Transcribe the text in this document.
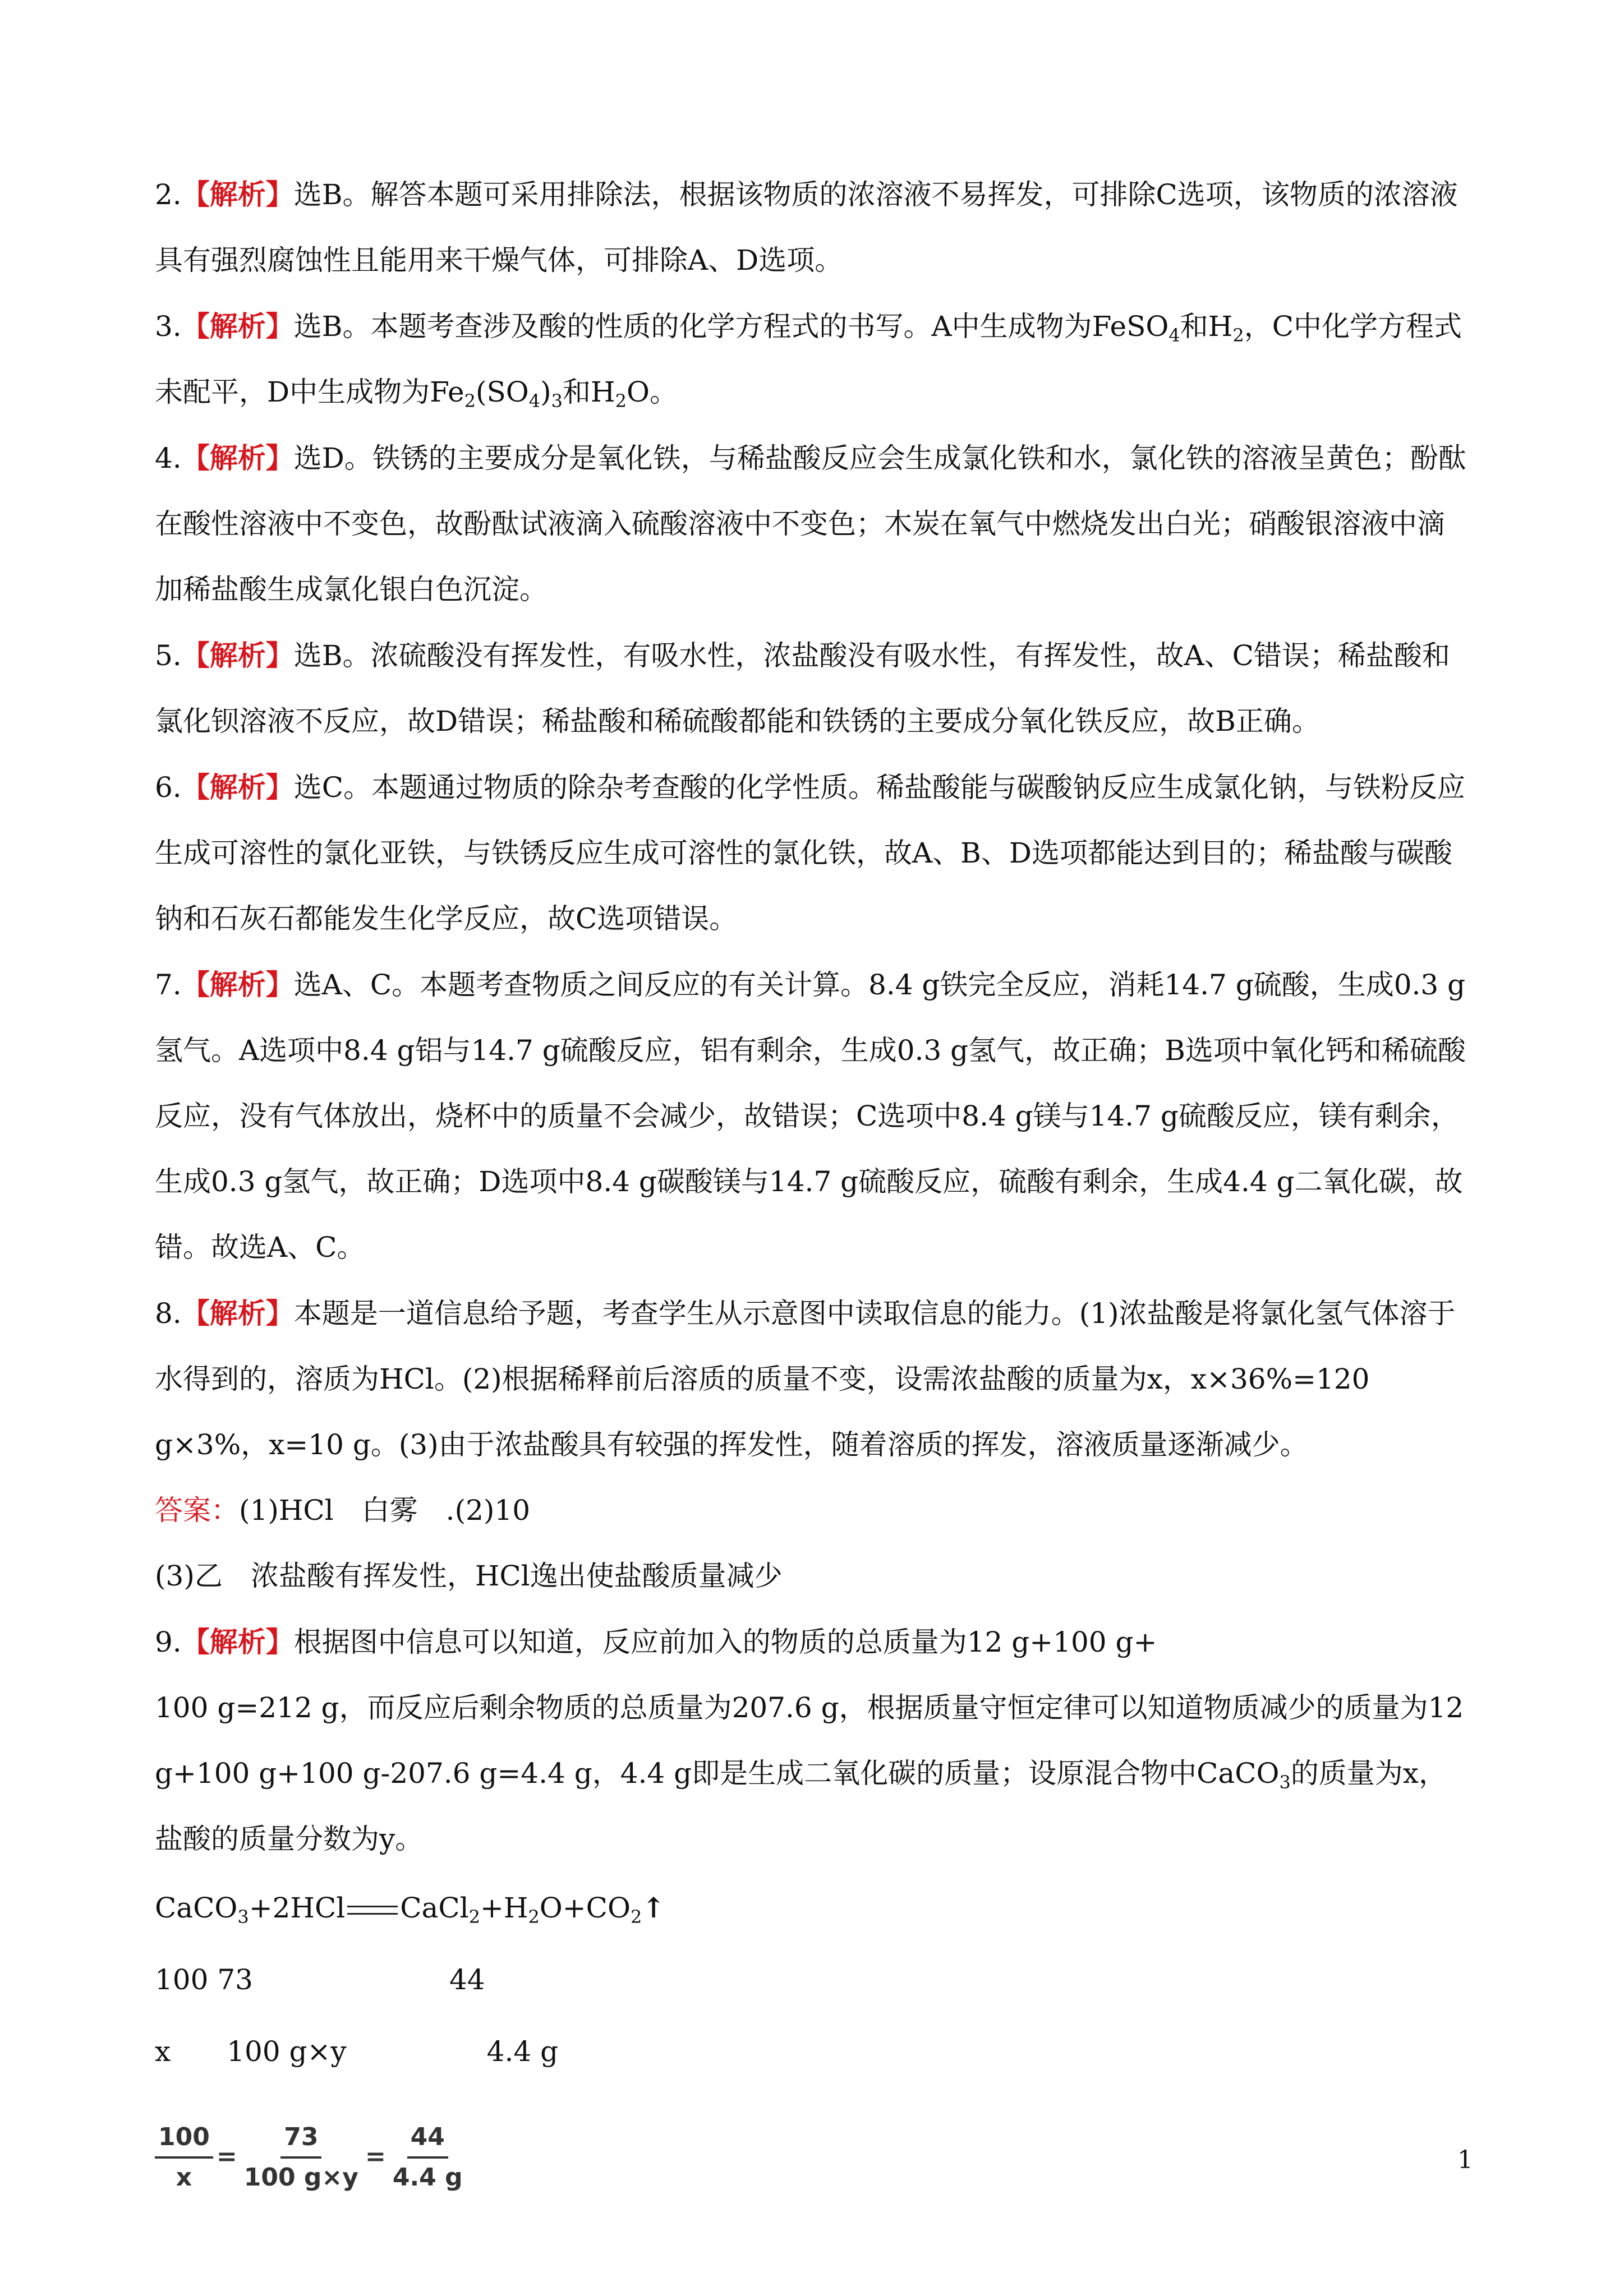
2.【解析】选B。解答本题可采用排除法，根据该物质的浓溶液不易挥发，可排除C选项，该物质的浓溶液具有强烈腐蚀性且能用来干燥气体，可排除A、D选项。

3.【解析】选B。本题考查涉及酸的性质的化学方程式的书写。A中生成物为FeSO$_4$和$H_2$，C中化学方程式未配平，D中生成物为$Fe_2(SO_4)_3$和$H_2O$。

4.【解析】选D。铁锈的主要成分是氧化铁，与稀盐酸反应会生成氯化铁和水，氯化铁的溶液呈黄色；酚酞在酸性溶液中不变色，故酚酞试液滴入硫酸溶液中不变色；木炭在氧气中燃烧发出白光；硝酸银溶液中滴加稀盐酸生成氯化银白色沉淀。

5.【解析】选B。浓硫酸没有挥发性，有吸水性，浓盐酸没有吸水性，有挥发性，故A、C错误；稀盐酸和氯化钡溶液不反应，故D错误；稀盐酸和稀硫酸都能和铁锈的主要成分氧化铁反应，故B正确。

6.【解析】选C。本题通过物质的除杂考查酸的化学性质。稀盐酸能与碳酸钠反应生成氯化钠，与铁粉反应生成可溶性的氯化亚铁，与铁锈反应生成可溶性的氯化铁，故A、B、D选项都能达到目的；稀盐酸与碳酸钠和石灰石都能发生化学反应，故C选项错误。

7.【解析】选A、C。本题考查物质之间反应的有关计算。8.4 g铁完全反应，消耗14.7 g硫酸，生成0.3 g氢气。A选项中8.4 g铝与14.7 g硫酸反应，铝有剩余，生成0.3 g氢气，故正确；B选项中氧化钙和稀硫酸反应，没有气体放出，烧杯中的质量不会减少，故错误；C选项中8.4 g镁与14.7 g硫酸反应，镁有剩余，生成0.3 g氢气，故正确；D选项中8.4 g碳酸镁与14.7 g硫酸反应，硫酸有剩余，生成4.4 g二氧化碳，故错。故选A、C。

8.【解析】本题是一道信息给予题，考查学生从示意图中读取信息的能力。(1)浓盐酸是将氯化氢气体溶于水得到的，溶质为HCl。(2)根据稀释前后溶质的质量不变，设需浓盐酸的质量为x，x×36%=120 g×3%，x=10 g。(3)由于浓盐酸具有较强的挥发性，随着溶质的挥发，溶液质量逐渐减少。

答案：(1)HCl　白雾　.(2)10

(3)乙　浓盐酸有挥发性，HCl逸出使盐酸质量减少

9.【解析】根据图中信息可以知道，反应前加入的物质的总质量为12 g+100 g+

100 g=212 g，而反应后剩余物质的总质量为207.6 g，根据质量守恒定律可以知道物质减少的质量为12 g+100 g+100 g-207.6 g=4.4 g，4.4 g即是生成二氧化碳的质量；设原混合物中CaCO$_3$的质量为x，盐酸的质量分数为y。

CaCO$_3$+2HCl $CaCl_2+H_2O+CO_2↑$

100 73　　　　　　　44

x　　100 g×y　　　　　4.4 g

$\frac{100}{x} = \frac{73}{100 g\times y} = \frac{44}{4.4 g}$	1
